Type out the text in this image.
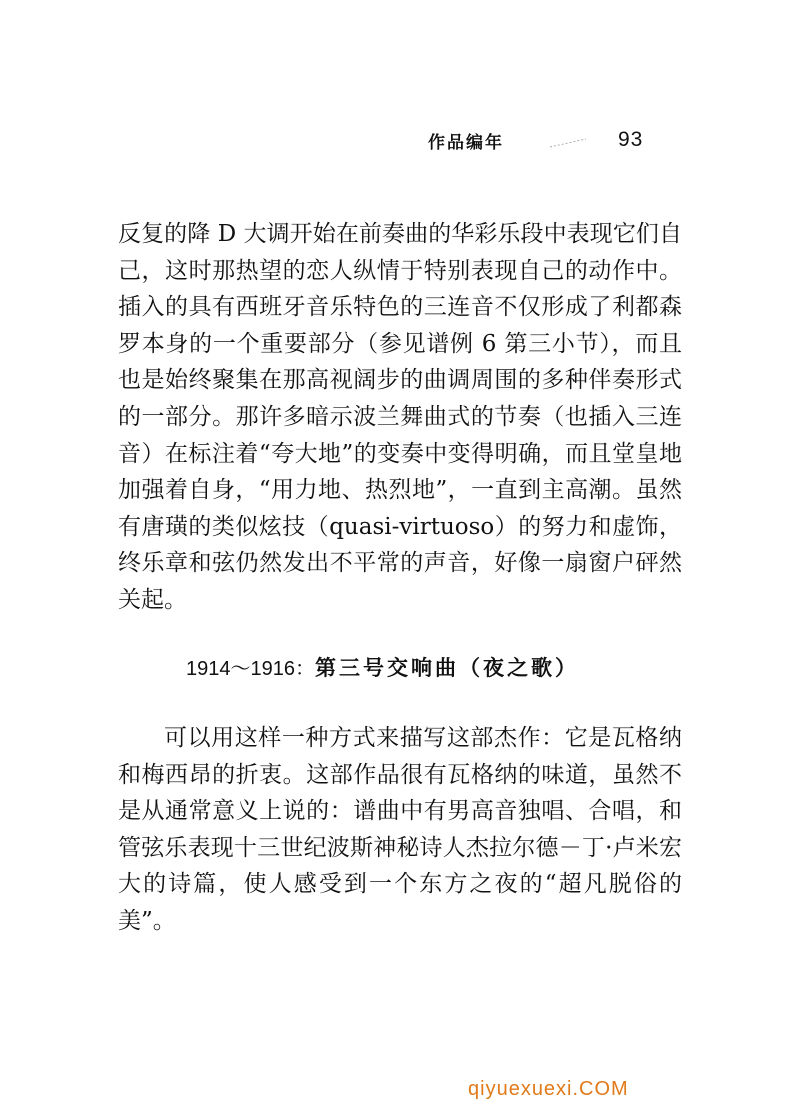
作品编年	93

反复的降 D 大调开始在前奏曲的华彩乐段中表现它们自己，这时那热望的恋人纵情于特别表现自己的动作中。插入的具有西班牙音乐特色的三连音不仅形成了利都森罗本身的一个重要部分（参见谱例 6 第三小节），而且也是始终聚集在那高视阔步的曲调周围的多种伴奏形式的一部分。那许多暗示波兰舞曲式的节奏（也插入三连音）在标注着“夸大地”的变奏中变得明确，而且堂皇地加强着自身，“用力地、热烈地”，一直到主高潮。虽然有唐璜的类似炫技（quasi-virtuoso）的努力和虚饰，终乐章和弦仍然发出不平常的声音，好像一扇窗户砰然关起。

1914～1916：第三号交响曲（夜之歌）

可以用这样一种方式来描写这部杰作：它是瓦格纳和梅西昂的折衷。这部作品很有瓦格纳的味道，虽然不是从通常意义上说的：谱曲中有男高音独唱、合唱，和管弦乐表现十三世纪波斯神秘诗人杰拉尔德－丁·卢米宏大的诗篇，使人感受到一个东方之夜的“超凡脱俗的美”。

qiyuexuexi.COM
